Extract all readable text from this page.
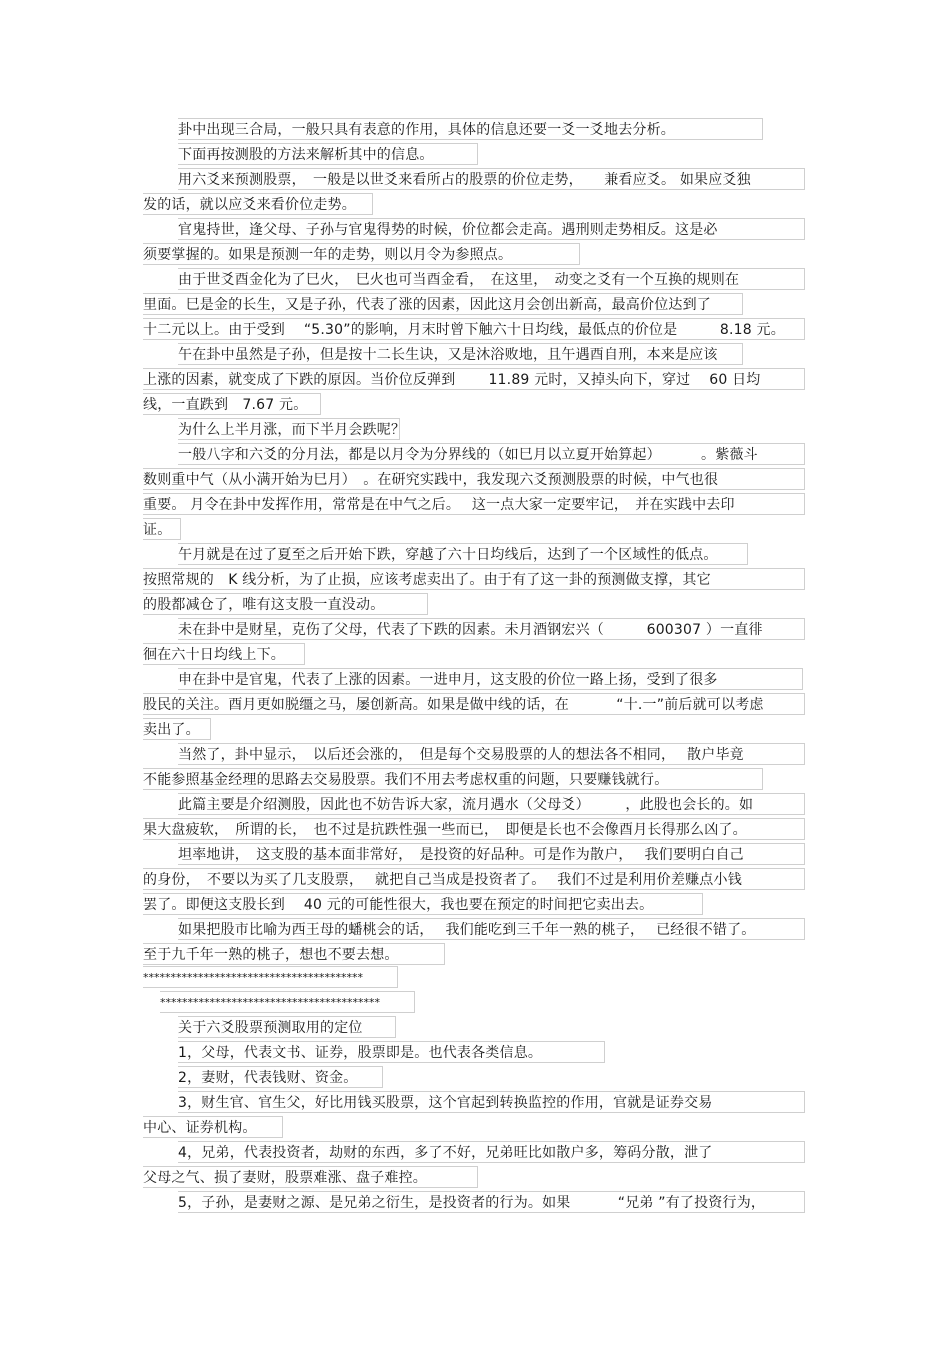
卦中出现三合局，一般只具有表意的作用，具体的信息还要一爻一爻地去分析。
下面再按测股的方法来解析其中的信息。
用六爻来预测股票，　一般是以世爻来看所占的股票的价位走势，　　兼看应爻。 如果应爻独
发的话，就以应爻来看价位走势。
官鬼持世，逢父母、子孙与官鬼得势的时候，价位都会走高。遇刑则走势相反。这是必
须要掌握的。如果是预测一年的走势，则以月令为参照点。
由于世爻酉金化为了巳火，　巳火也可当酉金看，　在这里，　动变之爻有一个互换的规则在
里面。巳是金的长生，又是子孙，代表了涨的因素，因此这月会创出新高，最高价位达到了
十二元以上。由于受到　 “5.30”的影响，月末时曾下触六十日均线，最低点的价位是　　　8.18 元。
午在卦中虽然是子孙，但是按十二长生诀，又是沐浴败地，且午遇酉自刑，本来是应该
上涨的因素，就变成了下跌的原因。当价位反弹到　　 11.89 元时，又掉头向下，穿过　 60 日均
线，一直跌到　7.67 元。
为什么上半月涨，而下半月会跌呢？
一般八字和六爻的分月法，都是以月令为分界线的（如巳月以立夏开始算起）　　　 。紫薇斗
数则重中气（从小满开始为巳月）　。在研究实践中，我发现六爻预测股票的时候，中气也很
重要。 月令在卦中发挥作用，常常是在中气之后。　 这一点大家一定要牢记，　并在实践中去印
证。
午月就是在过了夏至之后开始下跌，穿越了六十日均线后，达到了一个区域性的低点。
按照常规的　K 线分析，为了止损，应该考虑卖出了。由于有了这一卦的预测做支撑，其它
的股都减仓了，唯有这支股一直没动。
未在卦中是财星，克伤了父母，代表了下跌的因素。未月酒钢宏兴（　　　600307 ）一直徘
徊在六十日均线上下。
申在卦中是官鬼，代表了上涨的因素。一进申月，这支股的价位一路上扬，受到了很多
股民的关注。酉月更如脱缰之马，屡创新高。如果是做中线的话，在　　　 “十.一”前后就可以考虑
卖出了。
当然了，卦中显示，　以后还会涨的，　但是每个交易股票的人的想法各不相同，　 散户毕竟
不能参照基金经理的思路去交易股票。我们不用去考虑权重的问题，只要赚钱就行。
此篇主要是介绍测股，因此也不妨告诉大家，流月遇水（父母爻）　　　，此股也会长的。如
果大盘疲软，　所谓的长，　也不过是抗跌性强一些而已，　即便是长也不会像酉月长得那么凶了。
坦率地讲，　这支股的基本面非常好，　是投资的好品种。可是作为散户，　 我们要明白自己
的身份，　不要以为买了几支股票，　 就把自己当成是投资者了。　 我们不过是利用价差赚点小钱
罢了。即便这支股长到　 40 元的可能性很大，我也要在预定的时间把它卖出去。
如果把股市比喻为西王母的蟠桃会的话，　 我们能吃到三千年一熟的桃子，　 已经很不错了。
至于九千年一熟的桃子，想也不要去想。
****************************************
****************************************
关于六爻股票预测取用的定位
1，父母，代表文书、证券，股票即是。也代表各类信息。
2，妻财，代表钱财、资金。
3，财生官、官生父，好比用钱买股票，这个官起到转换监控的作用，官就是证券交易
中心、证券机构。
4，兄弟，代表投资者，劫财的东西，多了不好，兄弟旺比如散户多，筹码分散，泄了
父母之气、损了妻财，股票难涨、盘子难控。
5，子孙，是妻财之源、是兄弟之衍生，是投资者的行为。如果　　　 “兄弟 ”有了投资行为，
